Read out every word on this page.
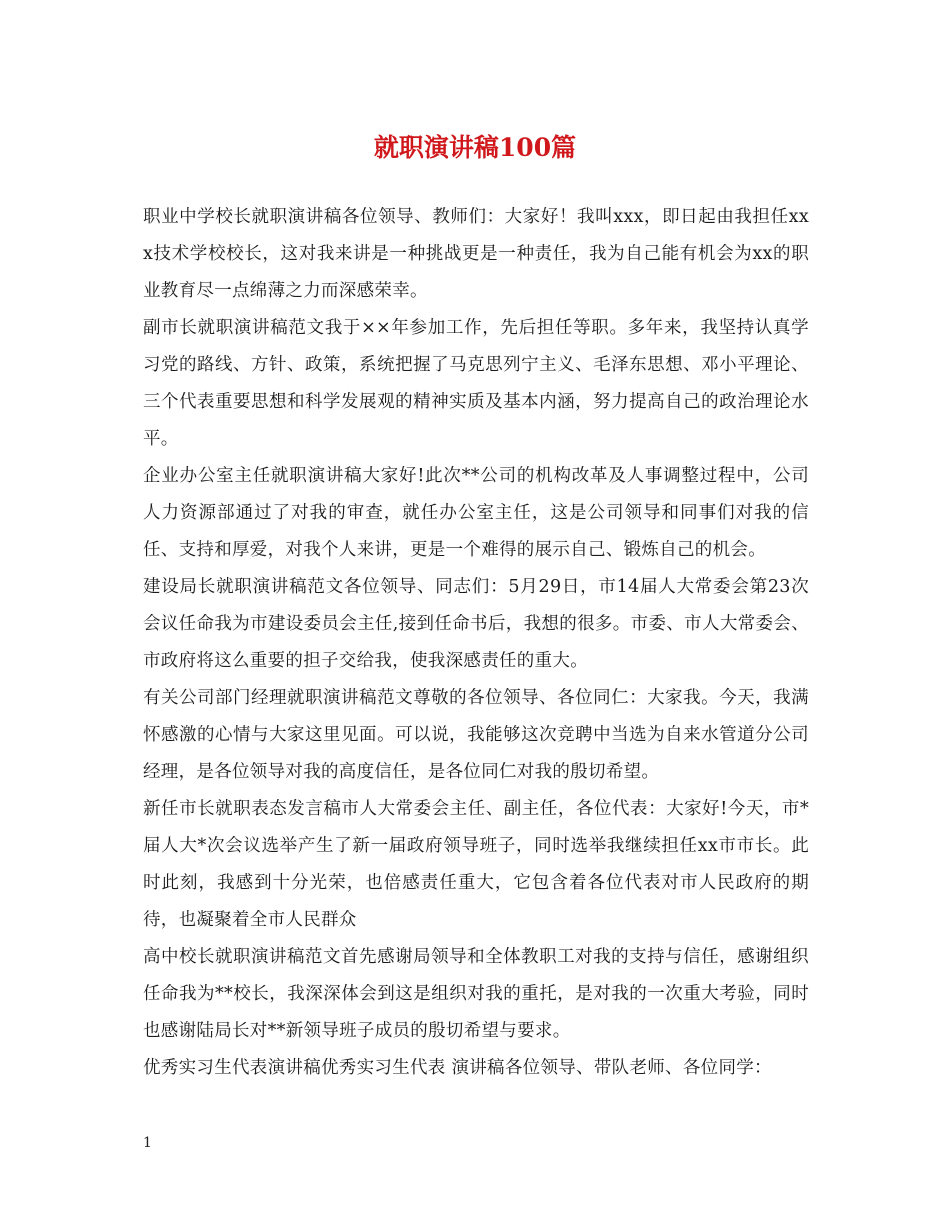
就职演讲稿100篇

职业中学校长就职演讲稿各位领导、教师们：大家好！我叫xxx，即日起由我担任xxx技术学校校长，这对我来讲是一种挑战更是一种责任，我为自己能有机会为xx的职业教育尽一点绵薄之力而深感荣幸。

副市长就职演讲稿范文我于××年参加工作，先后担任等职。多年来，我坚持认真学习党的路线、方针、政策，系统把握了马克思列宁主义、毛泽东思想、邓小平理论、三个代表重要思想和科学发展观的精神实质及基本内涵，努力提高自己的政治理论水平。

企业办公室主任就职演讲稿大家好!此次**公司的机构改革及人事调整过程中，公司人力资源部通过了对我的审查，就任办公室主任，这是公司领导和同事们对我的信任、支持和厚爱，对我个人来讲，更是一个难得的展示自己、锻炼自己的机会。

建设局长就职演讲稿范文各位领导、同志们：5月29日，市14届人大常委会第23次会议任命我为市建设委员会主任,接到任命书后，我想的很多。市委、市人大常委会、市政府将这么重要的担子交给我，使我深感责任的重大。

有关公司部门经理就职演讲稿范文尊敬的各位领导、各位同仁：大家我。今天，我满怀感激的心情与大家这里见面。可以说，我能够这次竞聘中当选为自来水管道分公司经理，是各位领导对我的高度信任，是各位同仁对我的殷切希望。

新任市长就职表态发言稿市人大常委会主任、副主任，各位代表：大家好!今天，市*届人大*次会议选举产生了新一届政府领导班子，同时选举我继续担任xx市市长。此时此刻，我感到十分光荣，也倍感责任重大，它包含着各位代表对市人民政府的期待，也凝聚着全市人民群众

高中校长就职演讲稿范文首先感谢局领导和全体教职工对我的支持与信任，感谢组织任命我为**校长，我深深体会到这是组织对我的重托，是对我的一次重大考验，同时也感谢陆局长对**新领导班子成员的殷切希望与要求。

优秀实习生代表演讲稿优秀实习生代表 演讲稿各位领导、带队老师、各位同学：

1
